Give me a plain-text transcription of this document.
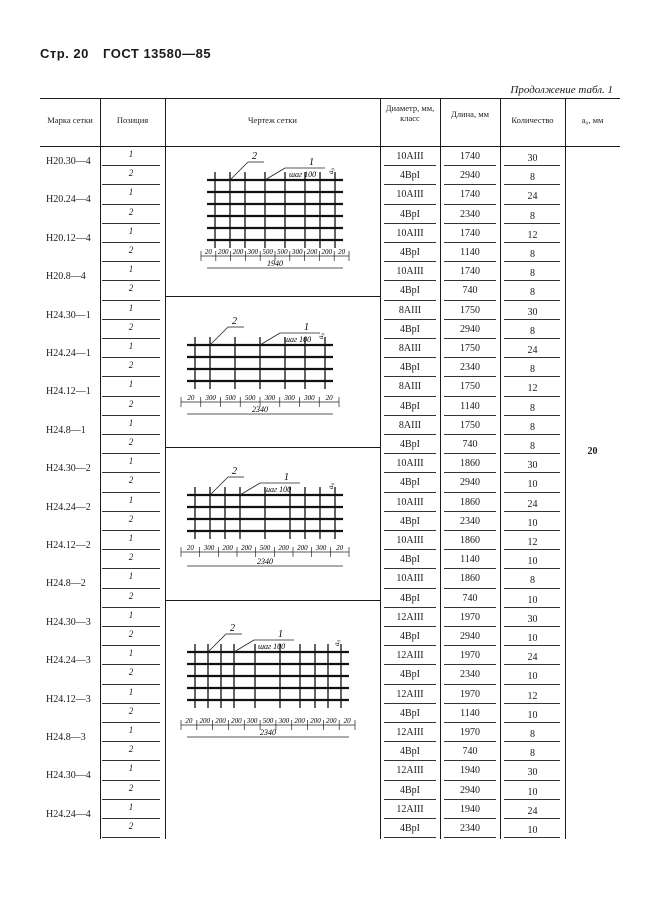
Стр. 20 ГОСТ 13580—85
Продолжение табл. 1
Марка сетки	Позиция	Чертеж сетки
Диаметр, мм, класс	Длина, мм
Количество	a₀, мм
Н20.30—4
1	10AIII	1740	30
2	4BpI	2940	8
Н20.24—4
1	10AIII	1740	24
2	4BpI	2340	8
Н20.12—4
1	10AIII	1740	12
2	4BpI	1140	8
Н20.8—4
1	10AIII	1740	8
2	4BpI	740	8
Н24.30—1
1	8AIII	1750	30
2	4BpI	2940	8
Н24.24—1
1	8AIII	1750	24
2	4BpI	2340	8
Н24.12—1
1	8AIII	1750	12
2	4BpI	1140	8
Н24.8—1
1	8AIII	1750	8
2	4BpI	740	8
Н24.30—2
1	10AIII	1860	30
2	4BpI	2940	10
Н24.24—2
1	10AIII	1860	24
2	4BpI	2340	10
Н24.12—2
1	10AIII	1860	12
2	4BpI	1140	10
Н24.8—2
1	10AIII	1860	8
2	4BpI	740	10
Н24.30—3
1	12AIII	1970	30
2	4BpI	2940	10
Н24.24—3
1	12AIII	1970	24
2	4BpI	2340	10
Н24.12—3
1	12AIII	1970	12
2	4BpI	1140	10
Н24.8—3
1	12AIII	1970	8
2	4BpI	740	8
Н24.30—4
1	12AIII	1940	30
2	4BpI	2940	10
Н24.24—4
1	12AIII	1940	24
2	4BpI	2340	10
20
2
1
шаг 100 a₀
20 200 200 300 500 500 300 200 200 20
1940
2
1
шаг 100 a₀
20 300 500 500 300 300 300 20
2340
2
1
шаг 100	a₀
20 300 200 200 500 200 200 300 20
2340
2
1
шаг 100	a₀
20 200 200 200 300 500 300 200 200 200 20
2340
